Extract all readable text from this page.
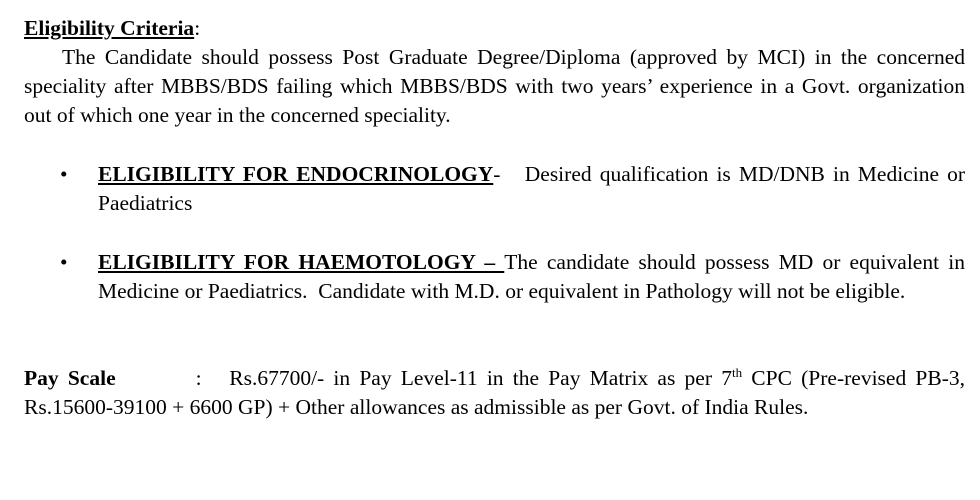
Eligibility Criteria:

The Candidate should possess Post Graduate Degree/Diploma (approved by MCI) in the concerned speciality after MBBS/BDS failing which MBBS/BDS with two years’ experience in a Govt. organization out of which one year in the concerned speciality.

• ELIGIBILITY FOR ENDOCRINOLOGY-   Desired qualification is MD/DNB in Medicine or Paediatrics
• ELIGIBILITY FOR HAEMOTOLOGY – The candidate should possess MD or equivalent in Medicine or Paediatrics.  Candidate with M.D. or equivalent in Pathology will not be eligible.

Pay Scale	: Rs.67700/- in Pay Level-11 in the Pay Matrix as per 7th CPC (Pre-revised PB-3, Rs.15600-39100 + 6600 GP) + Other allowances as admissible as per Govt. of India Rules.
